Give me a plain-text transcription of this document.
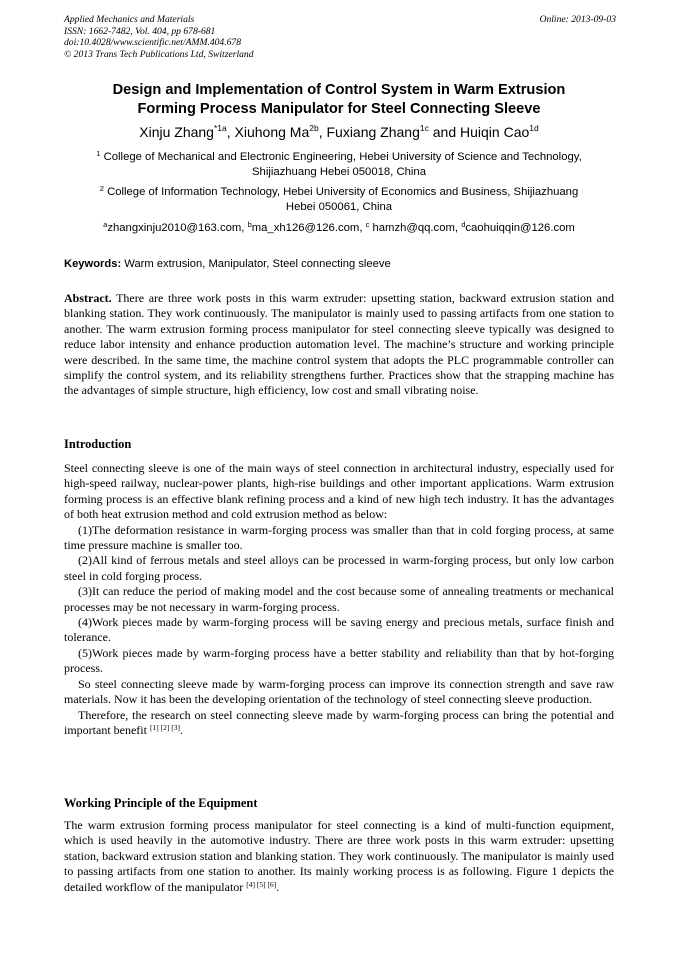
Applied Mechanics and Materials
ISSN: 1662-7482, Vol. 404, pp 678-681
doi:10.4028/www.scientific.net/AMM.404.678
© 2013 Trans Tech Publications Ltd, Switzerland
Online: 2013-09-03
Design and Implementation of Control System in Warm Extrusion
Forming Process Manipulator for Steel Connecting Sleeve
Xinju Zhang$^{*1a}$, Xiuhong $Ma^{2b}$, Fuxiang Zhang$^{1c}$ and Huiqin Cao$^{1d}$
$^1$ College of Mechanical and Electronic Engineering, Hebei University of Science and Technology,
Shijiazhuang Hebei 050018, China
$^2$ College of Information Technology, Hebei University of Economics and Business, Shijiazhuang
Hebei 050061, China
$^a$zhangxinju2010@163.com, $^b$ma_xh126@126.com, $^c$ hamzh@qq.com, $^d$caohuiqqin@126.com
Keywords: Warm extrusion, Manipulator, Steel connecting sleeve

Abstract. There are three work posts in this warm extruder: upsetting station, backward extrusion station and blanking station. They work continuously. The manipulator is mainly used to passing artifacts from one station to another. The warm extrusion forming process manipulator for steel connecting sleeve typically was designed to reduce labor intensity and enhance production automation level. The machine’s structure and working principle were described. In the same time, the machine control system that adopts the PLC programmable controller can simplify the control system, and its reliability strengthens further. Practices show that the strapping machine has the advantages of simple structure, high efficiency, low cost and small vibrating noise.

Introduction

Steel connecting sleeve is one of the main ways of steel connection in architectural industry, especially used for high-speed railway, nuclear-power plants, high-rise buildings and other important applications. Warm extrusion forming process is an effective blank refining process and a kind of new high tech industry. It has the advantages of both heat extrusion method and cold extrusion method as below:

(1)The deformation resistance in warm-forging process was smaller than that in cold forging process, at same time pressure machine is smaller too.

(2)All kind of ferrous metals and steel alloys can be processed in warm-forging process, but only low carbon steel in cold forging process.

(3)It can reduce the period of making model and the cost because some of annealing treatments or mechanical processes may be not necessary in warm-forging process.

(4)Work pieces made by warm-forging process will be saving energy and precious metals, surface finish and tolerance.

(5)Work pieces made by warm-forging process have a better stability and reliability than that by hot-forging process.

So steel connecting sleeve made by warm-forging process can improve its connection strength and save raw materials. Now it has been the developing orientation of the technology of steel connecting sleeve production.

Therefore, the research on steel connecting sleeve made by warm-forging process can bring the potential and important benefit [1] [2] [3].

Working Principle of the Equipment

The warm extrusion forming process manipulator for steel connecting is a kind of multi-function equipment, which is used heavily in the automotive industry. There are three work posts in this warm extruder: upsetting station, backward extrusion station and blanking station. They work continuously. The manipulator is mainly used to passing artifacts from one station to another. Its mainly working process is as following. Figure 1 depicts the detailed workflow of the manipulator [4] [5] [6].
